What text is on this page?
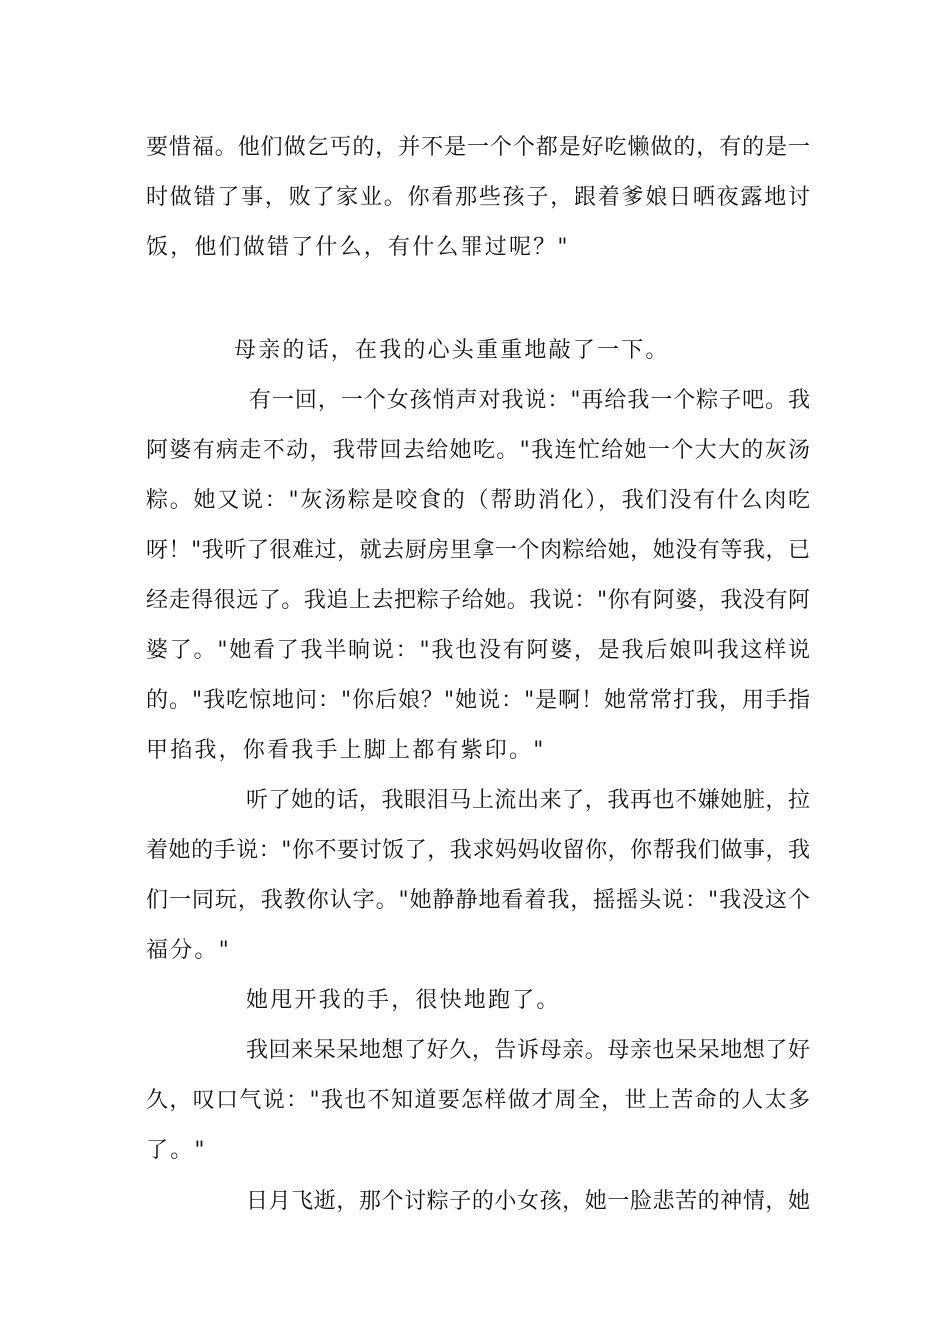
要惜福。他们做乞丐的，并不是一个个都是好吃懒做的，有的是一
时做错了事，败了家业。你看那些孩子，跟着爹娘日晒夜露地讨
饭，他们做错了什么，有什么罪过呢？"
母亲的话，在我的心头重重地敲了一下。
有一回，一个女孩悄声对我说："再给我一个粽子吧。我
阿婆有病走不动，我带回去给她吃。"我连忙给她一个大大的灰汤
粽。她又说："灰汤粽是咬食的（帮助消化），我们没有什么肉吃
呀！"我听了很难过，就去厨房里拿一个肉粽给她，她没有等我，已
经走得很远了。我追上去把粽子给她。我说："你有阿婆，我没有阿
婆了。"她看了我半晌说："我也没有阿婆，是我后娘叫我这样说
的。"我吃惊地问："你后娘？"她说："是啊！她常常打我，用手指
甲掐我，你看我手上脚上都有紫印。"
听了她的话，我眼泪马上流出来了，我再也不嫌她脏，拉
着她的手说："你不要讨饭了，我求妈妈收留你，你帮我们做事，我
们一同玩，我教你认字。"她静静地看着我，摇摇头说："我没这个
福分。"
她甩开我的手，很快地跑了。
我回来呆呆地想了好久，告诉母亲。母亲也呆呆地想了好
久，叹口气说："我也不知道要怎样做才周全，世上苦命的人太多
了。"
日月飞逝，那个讨粽子的小女孩，她一脸悲苦的神情，她
